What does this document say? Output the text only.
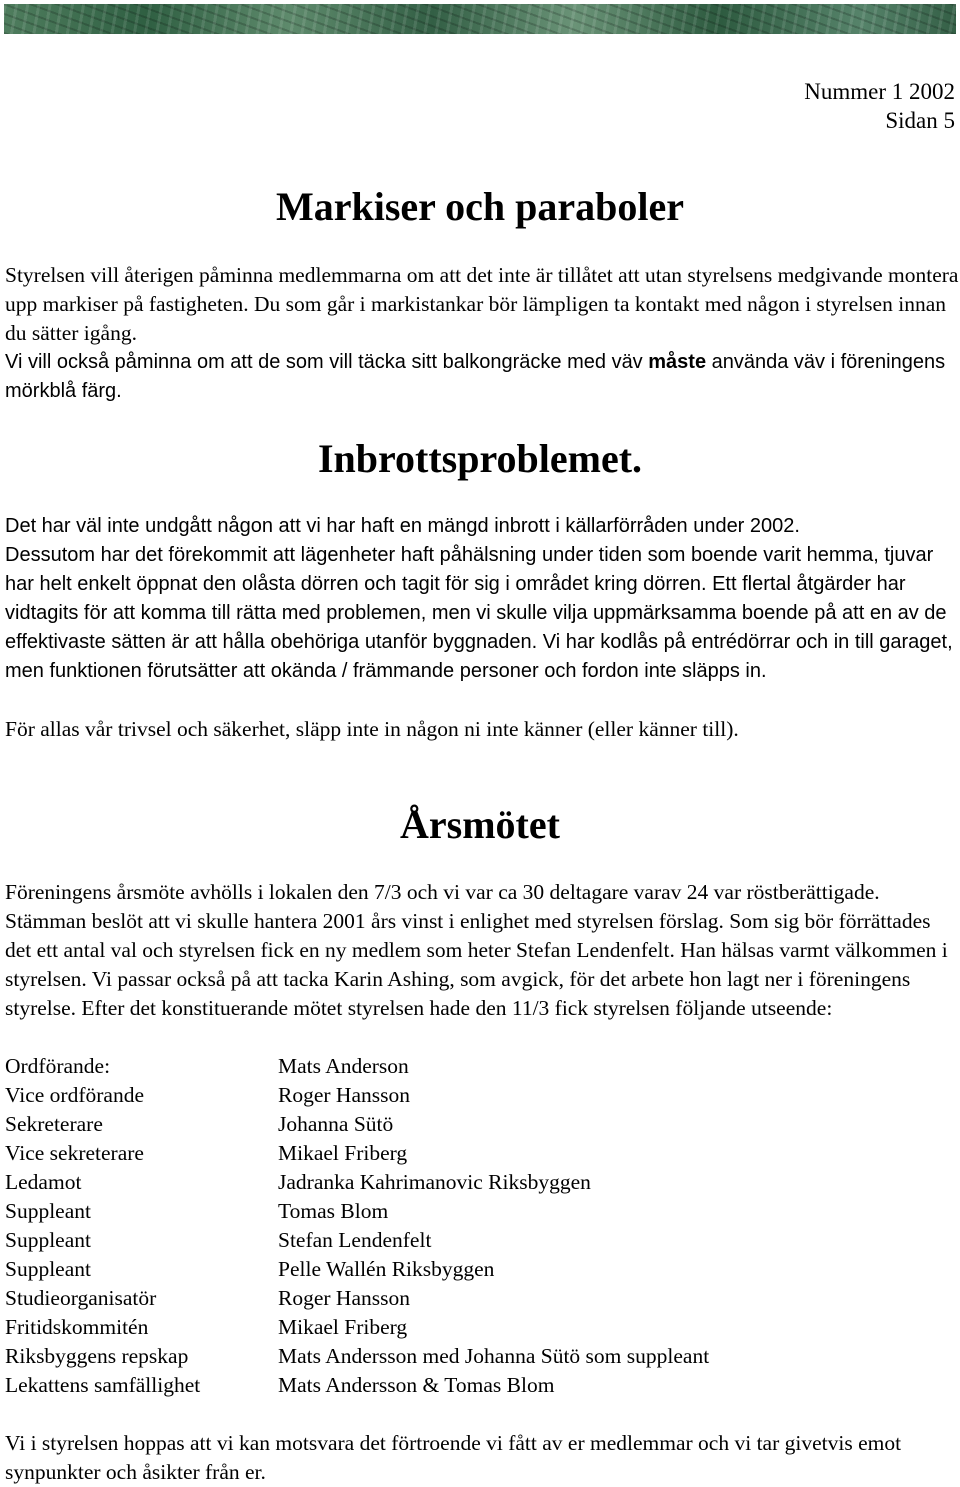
Nummer 1 2002
Sidan 5
Markiser och paraboler

Styrelsen vill återigen påminna medlemmarna om att det inte är tillåtet att utan styrelsens medgivande montera upp markiser på fastigheten. Du som går i markistankar bör lämpligen ta kontakt med någon i styrelsen innan du sätter igång.

Vi vill också påminna om att de som vill täcka sitt balkongräcke med väv måste använda väv i föreningens mörkblå färg.

Inbrottsproblemet.

Det har väl inte undgått någon att vi har haft en mängd inbrott i källarförråden under 2002.

Dessutom har det förekommit att lägenheter haft påhälsning under tiden som boende varit hemma, tjuvar har helt enkelt öppnat den olåsta dörren och tagit för sig i området kring dörren. Ett flertal åtgärder har vidtagits för att komma till rätta med problemen, men vi skulle vilja uppmärksamma boende på att en av de effektivaste sätten är att hålla obehöriga utanför byggnaden. Vi har kodlås på entrédörrar och in till garaget, men funktionen förutsätter att okända / främmande personer och fordon inte släpps in.

För allas vår trivsel och säkerhet, släpp inte in någon ni inte känner (eller känner till).

Årsmötet

Föreningens årsmöte avhölls i lokalen den 7/3 och vi var ca 30 deltagare varav 24 var röstberättigade. Stämman beslöt att vi skulle hantera 2001 års vinst i enlighet med styrelsen förslag. Som sig bör förrättades det ett antal val och styrelsen fick en ny medlem som heter Stefan Lendenfelt. Han hälsas varmt välkommen i styrelsen. Vi passar också på att tacka Karin Ashing, som avgick, för det arbete hon lagt ner i föreningens styrelse. Efter det konstituerande mötet styrelsen hade den 11/3 fick styrelsen följande utseende:

Ordförande:	Mats Anderson
Vice ordförande	Roger Hansson
Sekreterare	Johanna Sütö
Vice sekreterare	Mikael Friberg
Ledamot	Jadranka Kahrimanovic Riksbyggen
Suppleant	Tomas Blom
Suppleant	Stefan Lendenfelt
Suppleant	Pelle Wallén Riksbyggen
Studieorganisatör	Roger Hansson
Fritidskommitén	Mikael Friberg
Riksbyggens repskap	Mats Andersson med Johanna Sütö som suppleant
Lekattens samfällighet	Mats Andersson & Tomas Blom

Vi i styrelsen hoppas att vi kan motsvara det förtroende vi fått av er medlemmar och vi tar givetvis emot synpunkter och åsikter från er.
